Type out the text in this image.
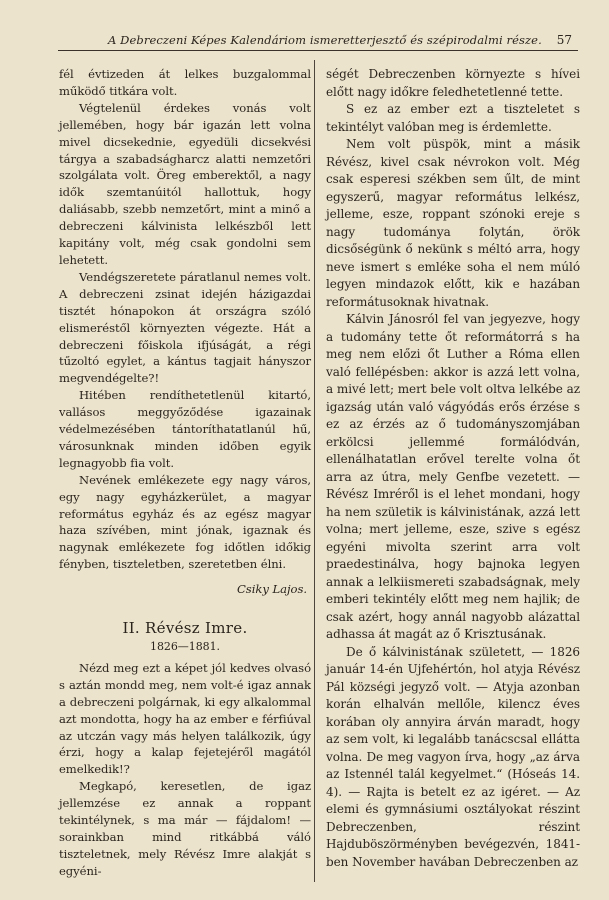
A Debreczeni Képes Kalendáriom ismeretterjesztő és szépirodalmi része. 57

fél évtizeden át lelkes buzgalommal működő titkára volt.

Végtelenül érdekes vonás volt jellemében, hogy bár igazán lett volna mivel dicsekednie, egyedüli dicsekvési tárgya a szabadságharcz alatti nemzetőri szolgálata volt. Öreg emberektől, a nagy idők szemtanúitól hallottuk, hogy daliásabb, szebb nemzetőrt, mint a minő a debreczeni kálvinista lelkészből lett kapitány volt, még csak gondolni sem lehetett.

Vendégszeretete páratlanul nemes volt. A debreczeni zsinat idején házigazdai tisztét hónapokon át országra szóló elismeréstől környezten végezte. Hát a debreczeni főiskola ifjúságát, a régi tűzoltó egylet, a kántus tagjait hányszor megvendégelte?!

Hitében rendíthetetlenül kitartó, vallásos meggyőződése igazainak védelmezésében tántoríthatatlanúl hű, városunknak minden időben egyik legnagyobb fia volt.

Nevének emlékezete egy nagy város, egy nagy egyházkerület, a magyar református egyház és az egész magyar haza szívében, mint jónak, igaznak és nagynak emlékezete fog időtlen időkig fényben, tiszteletben, szeretetben élni.

Csiky Lajos.

II. Révész Imre.

1826—1881.

Nézd meg ezt a képet jól kedves olvasó s aztán mondd meg, nem volt-é igaz annak a debreczeni polgárnak, ki egy alkalommal azt mondotta, hogy ha az ember e férfiúval az utczán vagy más helyen találkozik, úgy érzi, hogy a kalap fejetejéről magától emelkedik!?

Megkapó, keresetlen, de igaz jellemzése ez annak a roppant tekintélynek, s ma már — fájdalom! — sorainkban mind ritkábbá váló tiszteletnek, mely Révész Imre alakját s egyéni-

ségét Debreczenben környezte s hívei előtt nagy időkre feledhetetlenné tette.

S ez az ember ezt a tiszteletet s tekintélyt valóban meg is érdemlette.

Nem volt püspök, mint a másik Révész, kivel csak névrokon volt. Még csak esperesi székben sem űlt, de mint egyszerű, magyar református lelkész, jelleme, esze, roppant szónoki ereje s nagy tudománya folytán, örök dicsőségünk ő nekünk s méltó arra, hogy neve ismert s emléke soha el nem múló legyen mindazok előtt, kik e hazában reformátusoknak hivatnak.

Kálvin Jánosról fel van jegyezve, hogy a tudomány tette őt reformátorrá s ha meg nem előzi őt Luther a Róma ellen való fellépésben: akkor is azzá lett volna, a mivé lett; mert bele volt oltva lelkébe az igazság után való vágyódás erős érzése s ez az érzés az ő tudományszomjában erkölcsi jellemmé formálódván, ellenálhatatlan erővel terelte volna őt arra az útra, mely Genfbe vezetett. — Révész Imréről is el lehet mondani, hogy ha nem születik is kálvinistának, azzá lett volna; mert jelleme, esze, szive s egész egyéni mivolta szerint arra volt praedestinálva, hogy bajnoka legyen annak a lelkiismereti szabadságnak, mely emberi tekintély előtt meg nem hajlik; de csak azért, hogy annál nagyobb alázattal adhassa át magát az ő Krisztusának.

De ő kálvinistának született, — 1826 január 14-én Ujfehértón, hol atyja Révész Pál községi jegyző volt. — Atyja azonban korán elhalván mellőle, kilencz éves korában oly annyira árván maradt, hogy az sem volt, ki legalább tanácscsal ellátta volna. De meg vagyon írva, hogy „az árva az Istennél talál kegyelmet.“ (Hóseás 14. 4). — Rajta is betelt ez az igéret. — Az elemi és gymnásiumi osztályokat részint Debreczenben, részint Hajduböszörményben bevégezvén, 1841-ben November havában Debreczenben az
